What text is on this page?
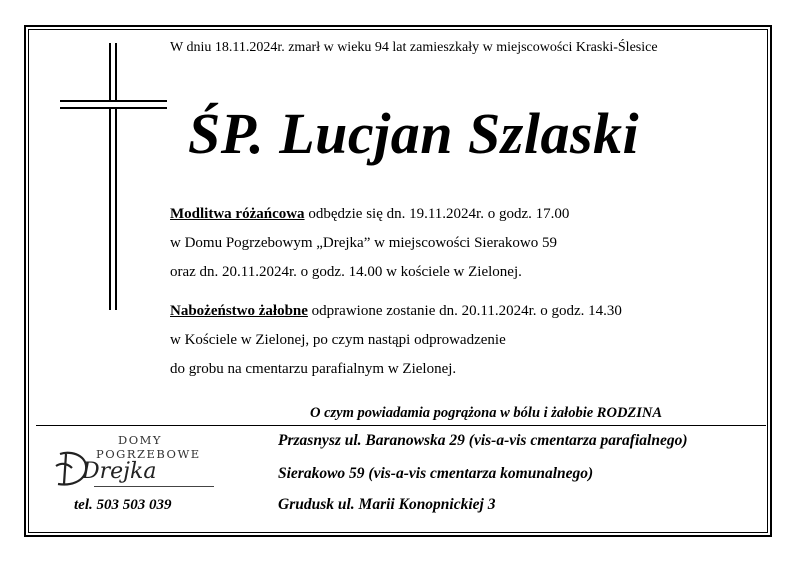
W dniu 18.11.2024r. zmarł w wieku 94 lat zamieszkały w miejscowości Kraski-Ślesice
ŚP. Lucjan Szlaski
Modlitwa różańcowa odbędzie się dn. 19.11.2024r. o godz. 17.00
w Domu Pogrzebowym „Drejka” w miejscowości Sierakowo 59
oraz dn. 20.11.2024r. o godz. 14.00 w kościele w Zielonej.
Nabożeństwo żałobne odprawione zostanie dn. 20.11.2024r. o godz. 14.30
w Kościele w Zielonej, po czym nastąpi odprowadzenie
do grobu na cmentarzu parafialnym w Zielonej.
O czym powiadamia pogrążona w bólu i żałobie RODZINA
DOMY
POGRZEBOWE
Drejka
tel. 503 503 039
Przasnysz ul. Baranowska 29 (vis-a-vis cmentarza parafialnego)
Sierakowo 59 (vis-a-vis cmentarza komunalnego)
Grudusk ul. Marii Konopnickiej 3
